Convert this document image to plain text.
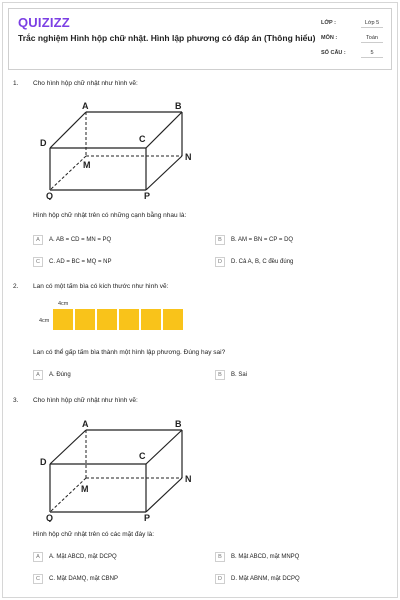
QUIZIZZ
Trắc nghiệm Hình hộp chữ nhật. Hình lập phương có đáp án (Thông hiểu)
LỚP :	Lớp 5
MÔN :	Toán
SỐ CÂU :	5
1. Cho hình hộp chữ nhật như hình vẽ:
A	B
C
D
M
N
P
Q
Hình hộp chữ nhật trên có những cạnh bằng nhau là:
A	A. AB = CD = MN = PQ	B	B. AM = BN = CP = DQ
C	C. AD = BC = MQ = NP	D	D. Cả A, B, C đều đúng
2. Lan có một tấm bìa có kích thước như hình vẽ:
4cm
4cm
Lan có thể gấp tấm bìa thành một hình lập phương. Đúng hay sai?
A	A. Đúng	B	B. Sai
3. Cho hình hộp chữ nhật như hình vẽ:
A	B
C
D
M
N
P
Q
Hình hộp chữ nhật trên có các mặt đáy là:
A	A. Mặt ABCD, mặt DCPQ	B	B. Mặt ABCD, mặt MNPQ
C	C. Mặt DAMQ, mặt CBNP	D	D. Mặt ABNM, mặt DCPQ
